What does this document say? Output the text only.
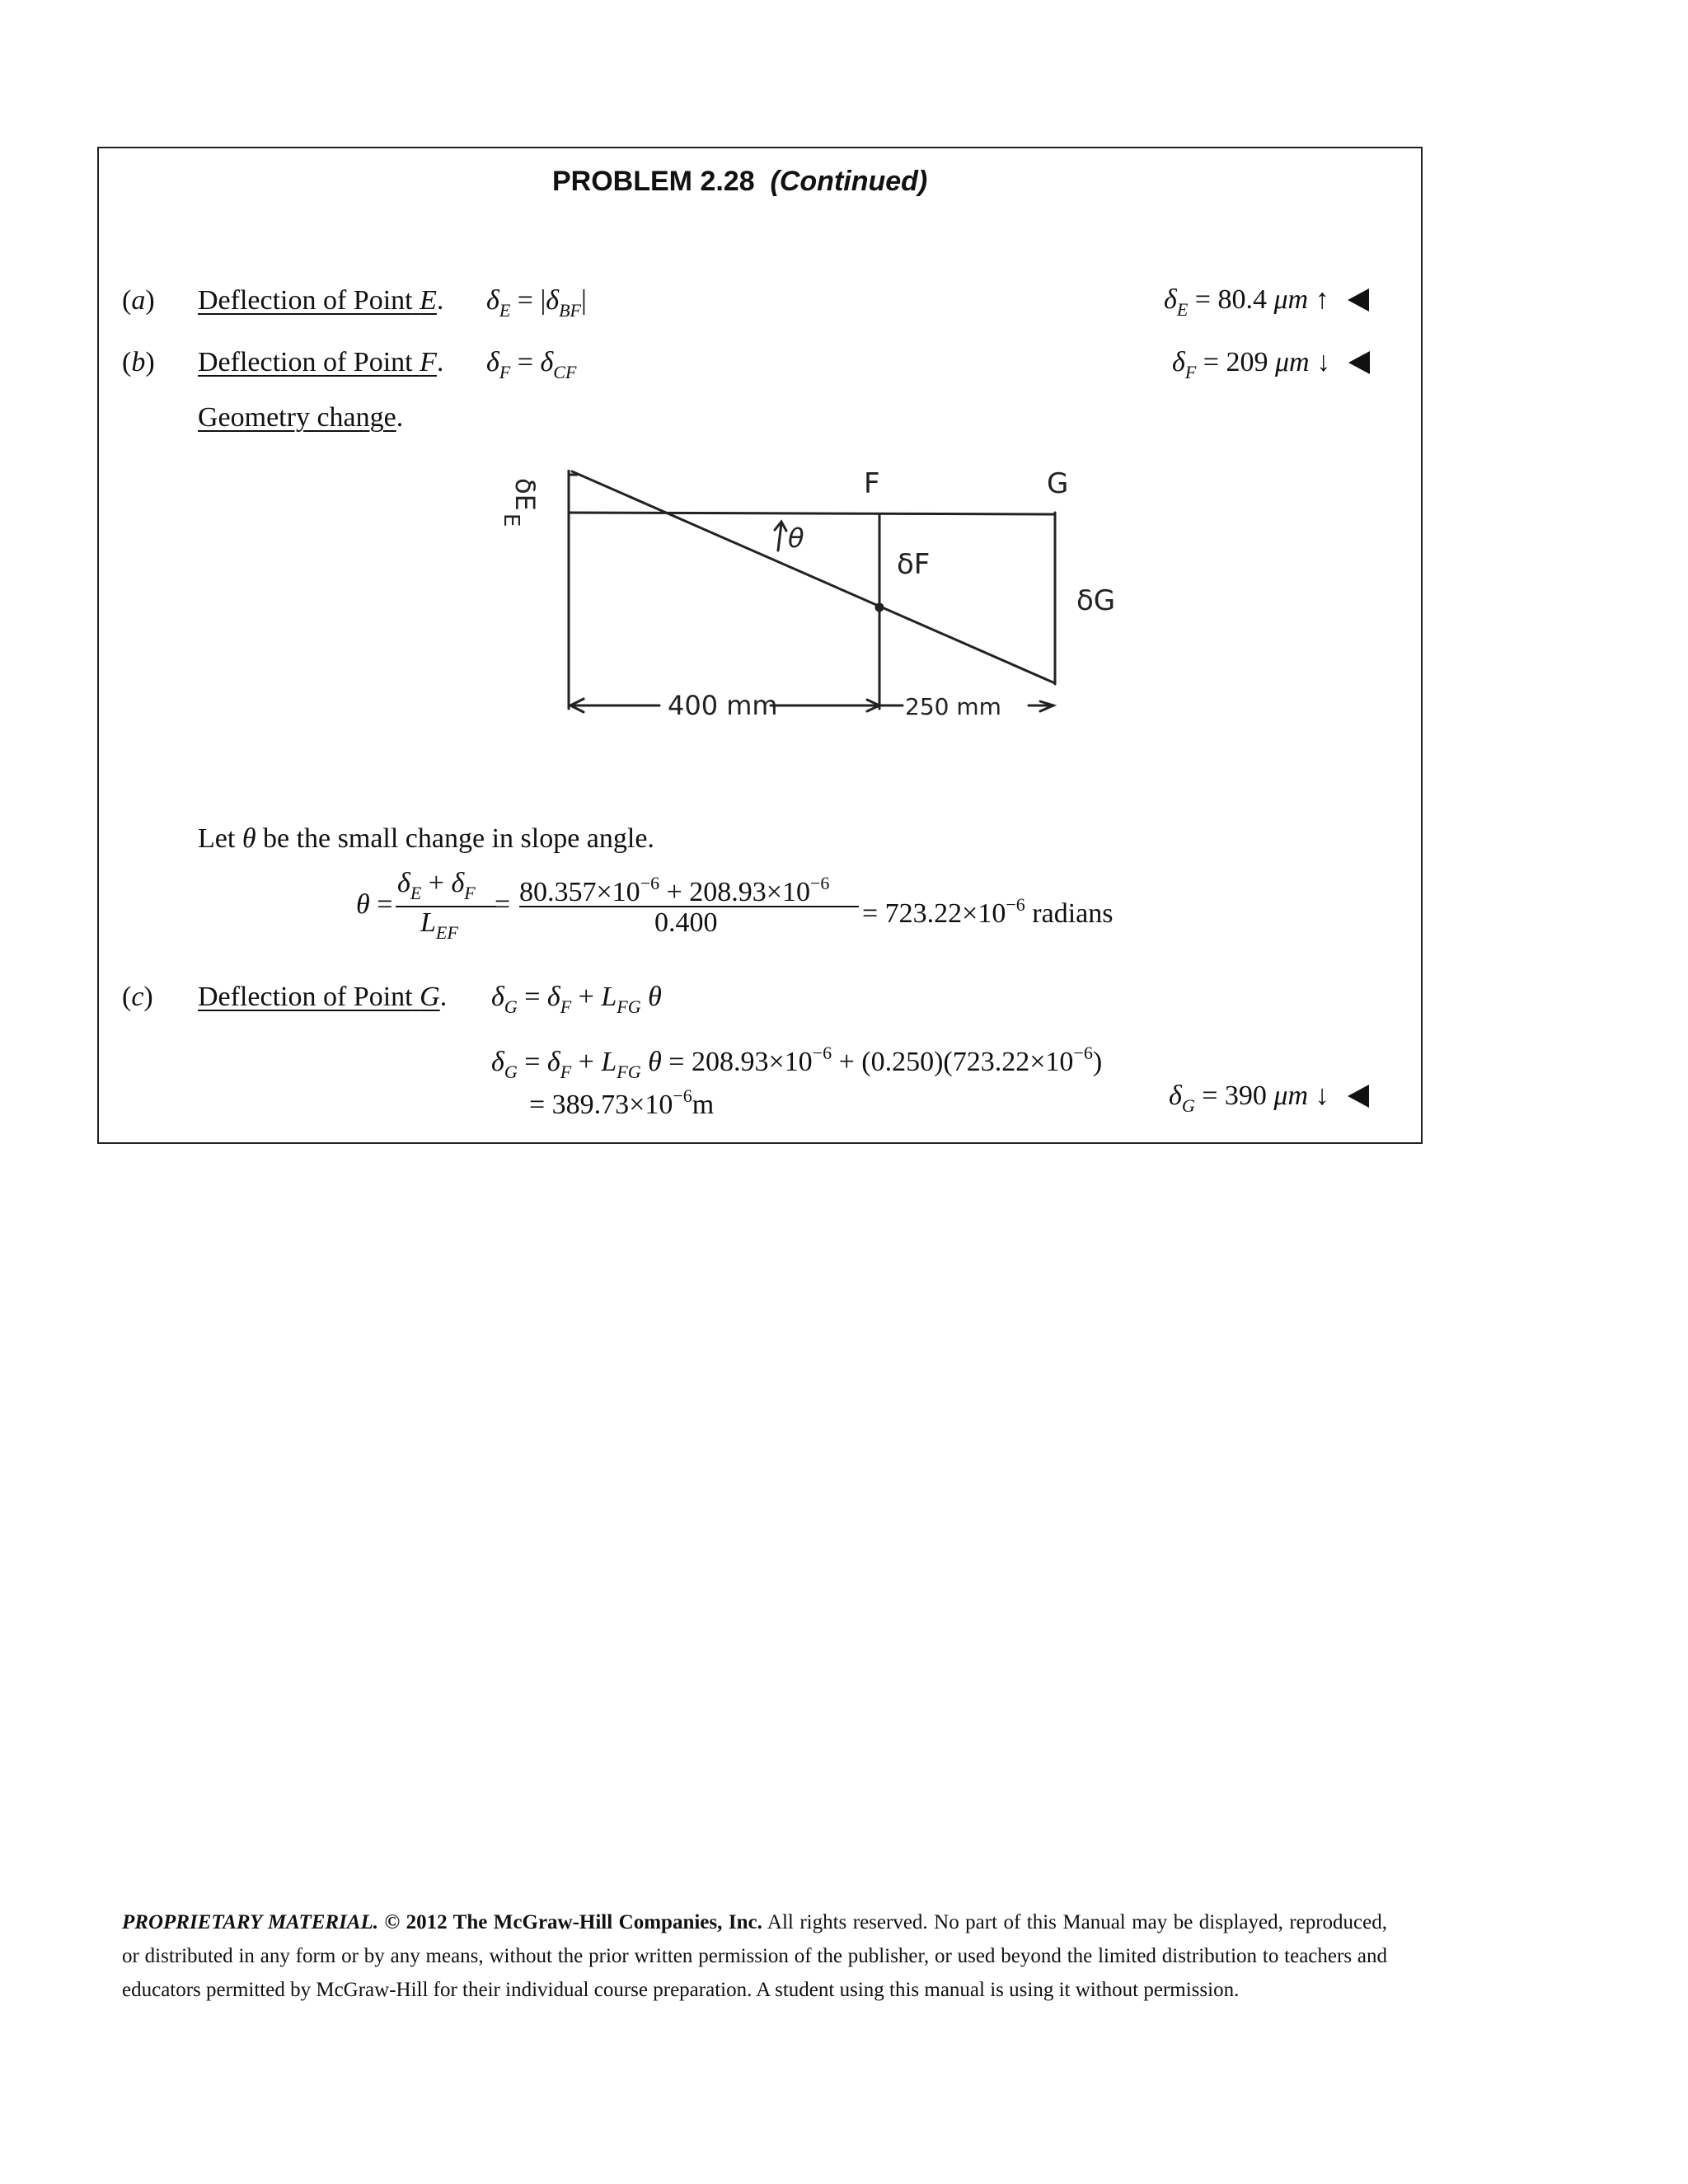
PROBLEM 2.28 (Continued)
(a) Deflection of Point E. $\delta_E = |\delta_{BF}|$	$\delta_E = 80.4$ μm ↑
(b) Deflection of Point F. $\delta_F = \delta_{CF}$	$\delta_F = 209$ μm ↓
Geometry change.
δE
E
F	G
θ
δF
δG
400 mm	250 mm
Let θ be the small change in slope angle.
θ =
$\delta_E + \delta_F$
$L_{EF}$
= $80.357\times 10^{-6} + 208.93\times 10^{-6}$
0.400	= $723.22\times 10^{-6}$ radians
(c) Deflection of Point G. $\delta_G = \delta_F + L_{FG}$ θ
$\delta_G = \delta_F + L_{FG}$ $\theta = 208.93\times 10^{-6} + (0.250)(723.22\times 10^{-6})$
= $389.73\times 10^{-6}m$	$\delta_G = 390$ μm ↓
PROPRIETARY MATERIAL. © 2012 The McGraw-Hill Companies, Inc. All rights reserved. No part of this Manual may be displayed, reproduced, or distributed in any form or by any means, without the prior written permission of the publisher, or used beyond the limited distribution to teachers and educators permitted by McGraw-Hill for their individual course preparation. A student using this manual is using it without permission.
